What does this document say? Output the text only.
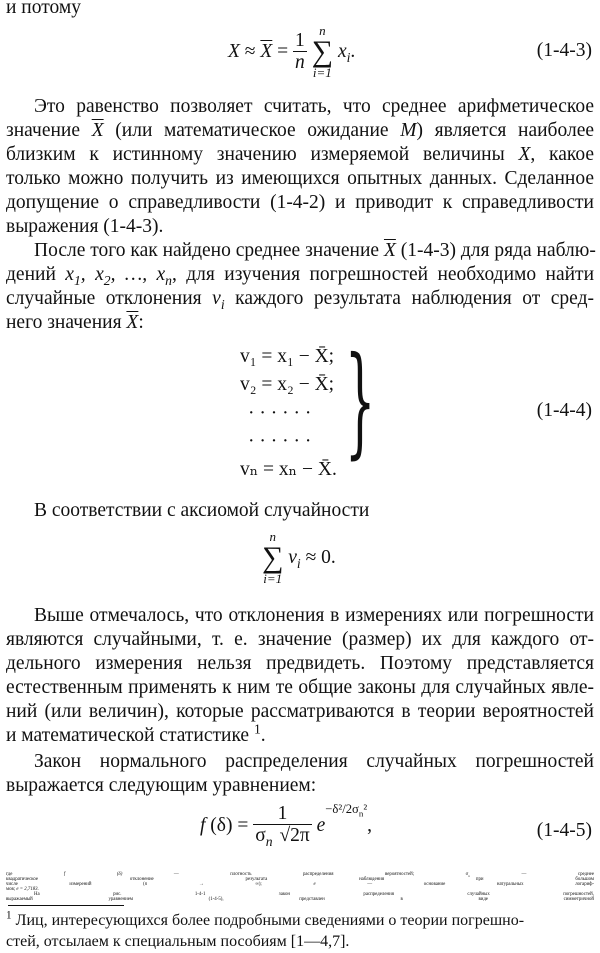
и потому
$X \approx \overline{X} = \frac{1}{n}$
n
∑
i=1
$x_i$.	(1-4-3)
Это равенство позволяет считать, что среднее арифметическое
значение $\overline{X}$ (или математическое ожидание M) является наиболее
близким к истинному значению измеряемой величины X, какое
только можно получить из имеющихся опытных данных. Сделанное
допущение о справедливости (1-4-2) и приводит к справедливости
выражения (1-4-3).
После того как найдено среднее значение $\overline{X}$ (1-4-3) для ряда наблю-
дений $x_1$, $x_2$, …, $x_n$, для изучения погрешностей необходимо найти
случайные отклонения $v_i$ каждого результата наблюдения от сред-
него значения $\overline{X}$:
v₁ = x₁ − X̄;
v₂ = x₂ − X̄;
· · · · · ·
· · · · · ·
vₙ = xₙ − X̄. }	(1-4-4)
В соответствии с аксиомой случайности
n
∑
i=1
$v_i \approx 0$.
Выше отмечалось, что отклонения в измерениях или погрешности
являются случайными, т. е. значение (размер) их для каждого от-
дельного измерения нельзя предвидеть. Поэтому представляется
естественным применять к ним те общие законы для случайных явле-
ний (или величин), которые рассматриваются в теории вероятностей
и математической статистике $^1$.
Закон нормального распределения случайных погрешностей
выражается следующим уравнением:
f $(\delta) = \frac{1}{\sigma_n √2\pi} e^{-\delta^2/2\sigma_n^2}$,	(1-4-5)
где f (δ) — плотность распределения вероятностей; $\sigma_n$ — среднее
$^1$ Лиц, интересующихся более подробными сведениями о теории погрешно-
стей, отсылаем к специальным пособиям [1—4,7].
квадратическое отклонение результата наблюдения при большом
числе измерений (n → ∞); e — основание натуральных логариф-
мов; e = 2,7183.
На рис. 1-4-1 закон распределения случайных погрешностей,
выражаемый уравнением (1-4-5), представлен в виде симметричной
